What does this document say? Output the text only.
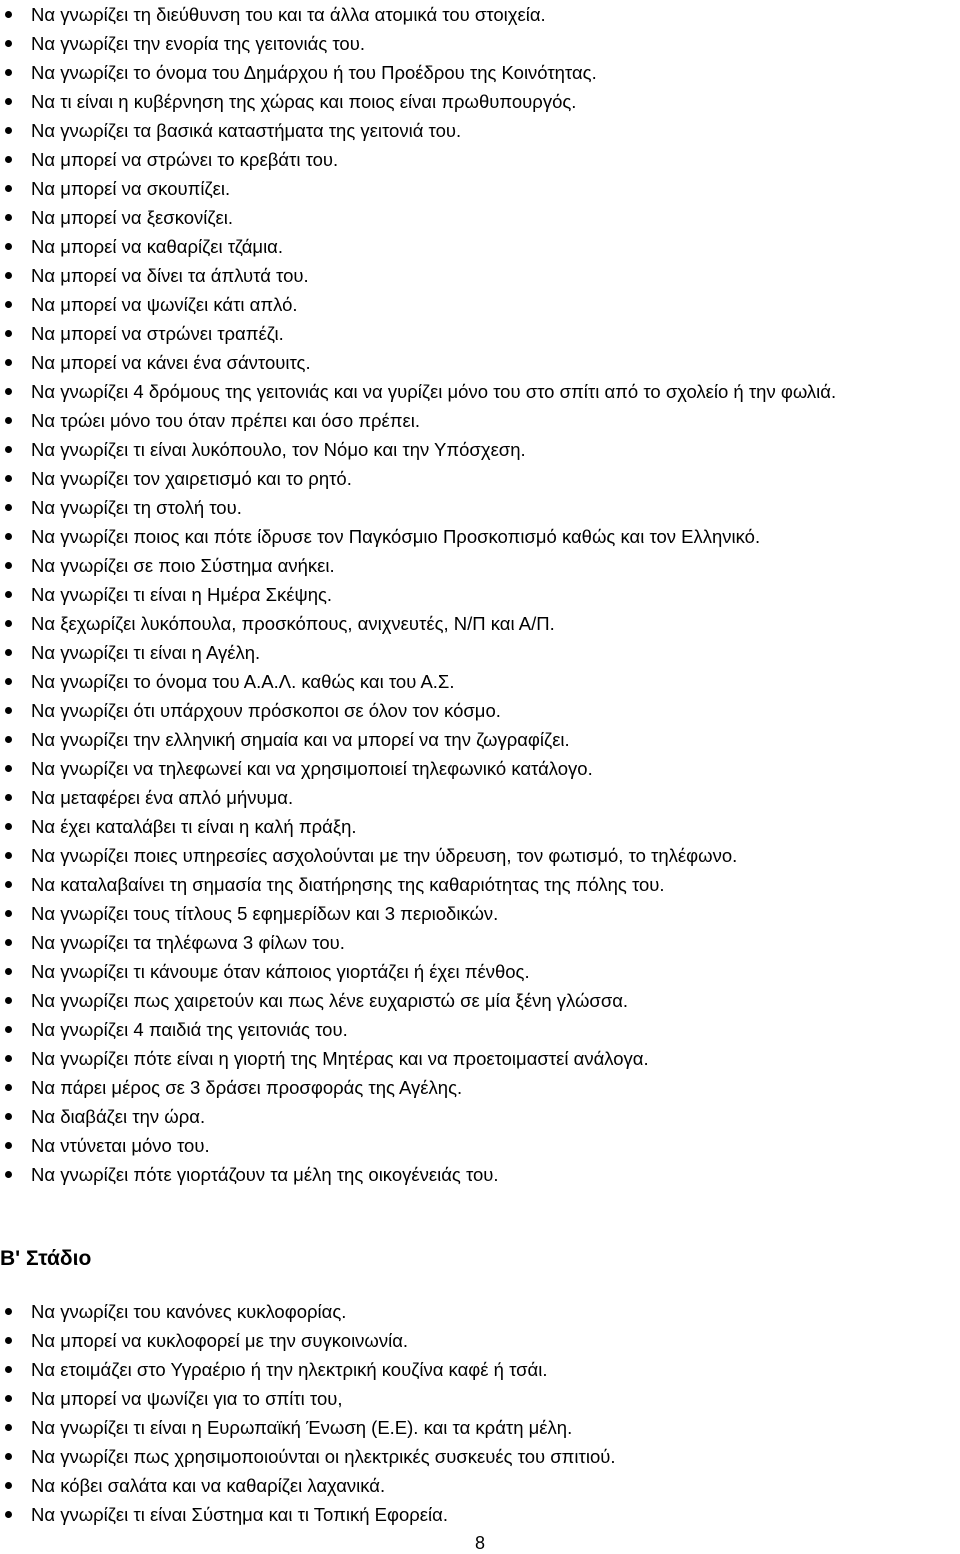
Να γνωρίζει τη διεύθυνση του και τα άλλα ατομικά του στοιχεία.
Να γνωρίζει την ενορία της γειτονιάς του.
Να γνωρίζει το όνομα του Δημάρχου ή του Προέδρου της Κοινότητας.
Να τι είναι η κυβέρνηση της χώρας και ποιος είναι πρωθυπουργός.
Να γνωρίζει τα βασικά καταστήματα της γειτονιά του.
Να μπορεί να στρώνει το κρεβάτι του.
Να μπορεί να σκουπίζει.
Να μπορεί να ξεσκονίζει.
Να μπορεί να καθαρίζει τζάμια.
Να μπορεί να δίνει τα άπλυτά του.
Να μπορεί να ψωνίζει κάτι απλό.
Να μπορεί να στρώνει τραπέζι.
Να μπορεί να κάνει ένα σάντουιτς.
Να γνωρίζει 4 δρόμους της γειτονιάς και να γυρίζει μόνο του στο σπίτι από το σχολείο ή την φωλιά.
Να τρώει μόνο του όταν πρέπει και όσο πρέπει.
Να γνωρίζει τι είναι λυκόπουλο, τον Νόμο και την Υπόσχεση.
Να γνωρίζει τον χαιρετισμό και το ρητό.
Να γνωρίζει τη στολή του.
Να γνωρίζει ποιος και πότε ίδρυσε τον Παγκόσμιο Προσκοπισμό καθώς και τον Ελληνικό.
Να γνωρίζει σε ποιο Σύστημα ανήκει.
Να γνωρίζει τι είναι η Ημέρα Σκέψης.
Να ξεχωρίζει λυκόπουλα, προσκόπους, ανιχνευτές, Ν/Π και Α/Π.
Να γνωρίζει τι είναι η Αγέλη.
Να γνωρίζει το όνομα του Α.Α.Λ. καθώς και του Α.Σ.
Να γνωρίζει ότι υπάρχουν πρόσκοποι σε όλον τον κόσμο.
Να γνωρίζει την ελληνική σημαία και να μπορεί να την ζωγραφίζει.
Να γνωρίζει να τηλεφωνεί και να χρησιμοποιεί τηλεφωνικό κατάλογο.
Να μεταφέρει ένα απλό μήνυμα.
Να έχει καταλάβει τι είναι η καλή πράξη.
Να γνωρίζει ποιες υπηρεσίες ασχολούνται με την ύδρευση, τον φωτισμό, το τηλέφωνο.
Να καταλαβαίνει τη σημασία της διατήρησης της καθαριότητας της πόλης του.
Να γνωρίζει τους τίτλους 5 εφημερίδων και 3 περιοδικών.
Να γνωρίζει τα τηλέφωνα 3 φίλων του.
Να γνωρίζει τι κάνουμε όταν κάποιος γιορτάζει ή έχει πένθος.
Να γνωρίζει πως χαιρετούν και πως λένε ευχαριστώ σε μία ξένη γλώσσα.
Να γνωρίζει 4 παιδιά της γειτονιάς του.
Να γνωρίζει πότε είναι η γιορτή της Μητέρας και να προετοιμαστεί ανάλογα.
Να πάρει μέρος σε 3 δράσει προσφοράς της Αγέλης.
Να διαβάζει την ώρα.
Να ντύνεται μόνο του.
Να γνωρίζει πότε γιορτάζουν τα μέλη της οικογένειάς του.
Β' Στάδιο
Να γνωρίζει του κανόνες κυκλοφορίας.
Να μπορεί να κυκλοφορεί με την συγκοινωνία.
Να ετοιμάζει στο Υγραέριο ή την ηλεκτρική κουζίνα καφέ ή τσάι.
Να μπορεί να ψωνίζει για το σπίτι του,
Να γνωρίζει τι είναι η Ευρωπαϊκή Ένωση (Ε.Ε). και τα κράτη μέλη.
Να γνωρίζει πως χρησιμοποιούνται οι ηλεκτρικές συσκευές του σπιτιού.
Να κόβει σαλάτα και να καθαρίζει λαχανικά.
Να γνωρίζει τι είναι Σύστημα και τι Τοπική Εφορεία.
8
